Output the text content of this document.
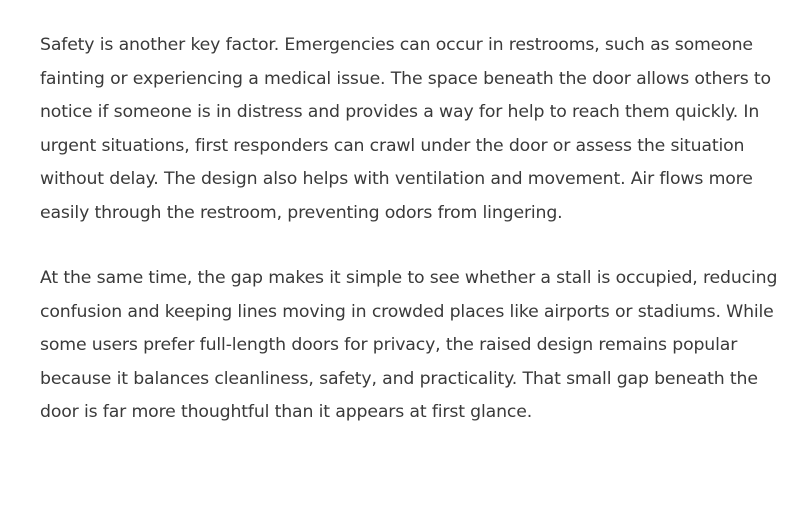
Safety is another key factor. Emergencies can occur in restrooms, such as someone fainting or experiencing a medical issue. The space beneath the door allows others to notice if someone is in distress and provides a way for help to reach them quickly. In urgent situations, first responders can crawl under the door or assess the situation without delay. The design also helps with ventilation and movement. Air flows more easily through the restroom, preventing odors from lingering.

At the same time, the gap makes it simple to see whether a stall is occupied, reducing confusion and keeping lines moving in crowded places like airports or stadiums. While some users prefer full-length doors for privacy, the raised design remains popular because it balances cleanliness, safety, and practicality. That small gap beneath the door is far more thoughtful than it appears at first glance.
